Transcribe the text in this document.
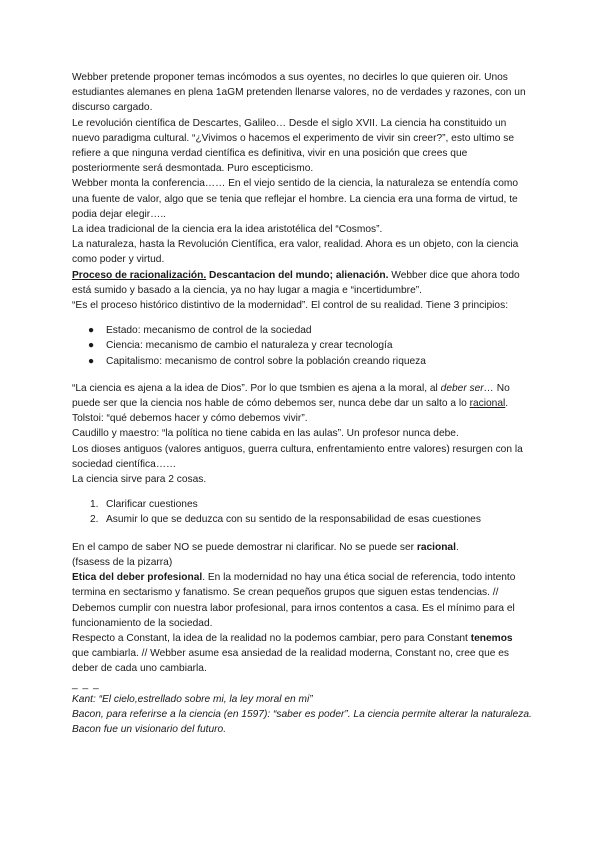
Webber pretende proponer temas incómodos a sus oyentes, no decirles lo que quieren oir. Unos estudiantes alemanes en plena 1aGM pretenden llenarse valores, no de verdades y razones, con un discurso cargado.

Le revolución científica de Descartes, Galileo… Desde el siglo XVII. La ciencia ha constituido un nuevo paradigma cultural. “¿Vivimos o hacemos el experimento de vivir sin creer?”, esto ultimo se refiere a que ninguna verdad científica es definitiva, vivir en una posición que crees que posteriormente será desmontada. Puro escepticismo.

Webber monta la conferencia…… En el viejo sentido de la ciencia, la naturaleza se entendía como una fuente de valor, algo que se tenia que reflejar el hombre. La ciencia era una forma de virtud, te podia dejar elegir…..

La idea tradicional de la ciencia era la idea aristotélica del “Cosmos”.

La naturaleza, hasta la Revolución Científica, era valor, realidad. Ahora es un objeto, con la ciencia como poder y virtud.

Proceso de racionalización. Descantacion del mundo; alienación. Webber dice que ahora todo está sumido y basado a la ciencia, ya no hay lugar a magia e “incertidumbre”.

“Es el proceso histórico distintivo de la modernidad”. El control de su realidad. Tiene 3 principios:

● Estado: mecanismo de control de la sociedad
● Ciencia: mecanismo de cambio el naturaleza y crear tecnología
● Capitalismo: mecanismo de control sobre la población creando riqueza

“La ciencia es ajena a la idea de Dios”. Por lo que tsmbien es ajena a la moral, al deber ser… No puede ser que la ciencia nos hable de cómo debemos ser, nunca debe dar un salto a lo racional.

Tolstoi: “qué debemos hacer y cómo debemos vivir”.

Caudillo y maestro: “la política no tiene cabida en las aulas”. Un profesor nunca debe.

Los dioses antiguos (valores antiguos, guerra cultura, enfrentamiento entre valores) resurgen con la sociedad científica……

La ciencia sirve para 2 cosas.

1. Clarificar cuestiones
2. Asumir lo que se deduzca con su sentido de la responsabilidad de esas cuestiones

En el campo de saber NO se puede demostrar ni clarificar. No se puede ser racional.

(fsasess de la pizarra)

Etica del deber profesional. En la modernidad no hay una ética social de referencia, todo intento termina en sectarismo y fanatismo. Se crean pequeños grupos que siguen estas tendencias. // Debemos cumplir con nuestra labor profesional, para irnos contentos a casa. Es el mínimo para el funcionamiento de la sociedad.

Respecto a Constant, la idea de la realidad no la podemos cambiar, pero para Constant tenemos que cambiarla. // Webber asume esa ansiedad de la realidad moderna, Constant no, cree que es deber de cada uno cambiarla.

_ _ _

Kant: “El cielo,estrellado sobre mi, la ley moral en mi”

Bacon, para referirse a la ciencia (en 1597): “saber es poder”. La ciencia permite alterar la naturaleza. Bacon fue un visionario del futuro.
